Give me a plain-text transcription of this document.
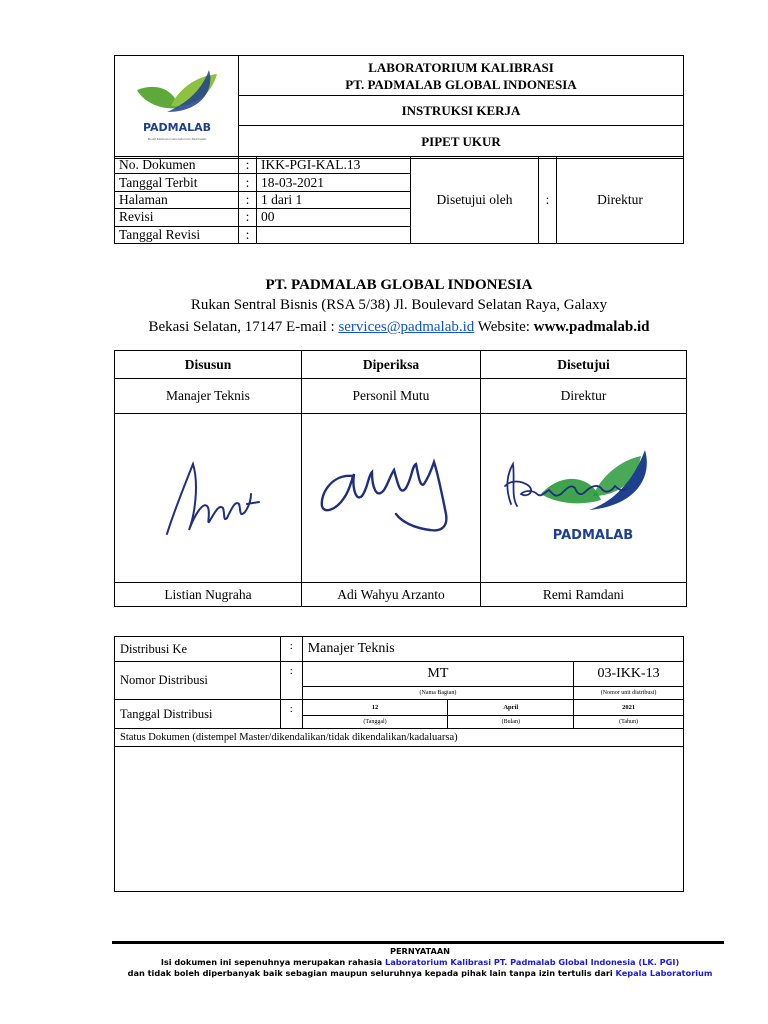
PADMALAB
Pusat Kalibrasi Laboratorium Padmalab

LABORATORIUM KALIBRASI
PT. PADMALAB GLOBAL INDONESIA

INSTRUKSI KERJA
PIPET UKUR
No. Dokumen	:	IKK-PGI-KAL.13	Disetujui oleh	:	Direktur
Tanggal Terbit	:	18-03-2021			
Halaman	:	1 dari 1			
Revisi	:	00			
Tanggal Revisi	:				
PT. PADMALAB GLOBAL INDONESIA
Rukan Sentral Bisnis (RSA 5/38) Jl. Boulevard Selatan Raya, Galaxy
Bekasi Selatan, 17147 E-mail : services@padmalab.id Website: www.padmalab.id
Disusun	Diperiksa	Disetujui
Manajer Teknis	Personil Mutu	Direktur

PADMALAB

Listian Nugraha	Adi Wahyu Arzanto	Remi Ramdani
Distribusi Ke	:	Manajer Teknis		
Nomor Distribusi	:	MT		03-IKK-13
		(Nama Bagian)		(Nomor unit distribusi)
Tanggal Distribusi	:	12	April	2021
		(Tanggal)	(Bulan)	(Tahun)
Status Dokumen (distempel Master/dikendalikan/tidak dikendalikan/kadaluarsa)				

PERNYATAAN
Isi dokumen ini sepenuhnya merupakan rahasia Laboratorium Kalibrasi PT. Padmalab Global Indonesia (LK. PGI)
dan tidak boleh diperbanyak baik sebagian maupun seluruhnya kepada pihak lain tanpa izin tertulis dari Kepala Laboratorium
